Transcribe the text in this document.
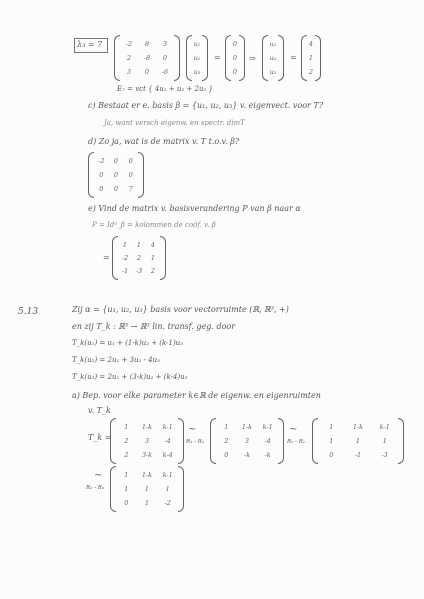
λ₃ = 7	-2 8 3
2 -8 0
3 0 -6
u₁
u₂
u₃
=
0
0
0
⇒
u₁
u₂
u₃
=
4
1
2
E₇ = vct { 4u₁ + u₂ + 2u₃ }
c) Bestaat er e. basis β = {u₁, u₂, u₃} v. eigenvect. voor T?
Ja, want versch eigenw. en spectr. dimT
d) Zo ja, wat is de matrix v. T t.o.v. β?
-2 0 0
0 0 0
0 0 7
e) Vind de matrix v. basisverandering P van β naar α
P = Idᵅ_β = kolommen de coöf. v. β
=
1 1 4
-2 2 1
-1 -3 2
5.13	Zij α = {u₁, u₂, u₃} basis voor vectorruimte (ℝ, ℝ³, +)
en zij T_k : ℝ³ → ℝ³ lin. transf. geg. door
T_k(u₁) = u₁ + (1-k)u₂ + (k-1)u₃
T_k(u₂) = 2u₁ + 3u₂ - 4u₃
T_k(u₃) = 2u₁ + (3-k)u₂ + (k-4)u₃
a) Bep. voor elke parameter k∈ℝ de eigenw. en eigenruimten
v. T_k
T_k =
1 1-k k-1
2	3 -4
2 3-k k-4
∼
R₃ - R₂
1 1-k k-1
2	3 -4
0 -k -k
∼
R₂ - R₁
1	1-k	k-1
1	1	1
0	-1	-3
∼
R₂ - R₃
1 1-k k-1
1	1	1
0	1 -2
